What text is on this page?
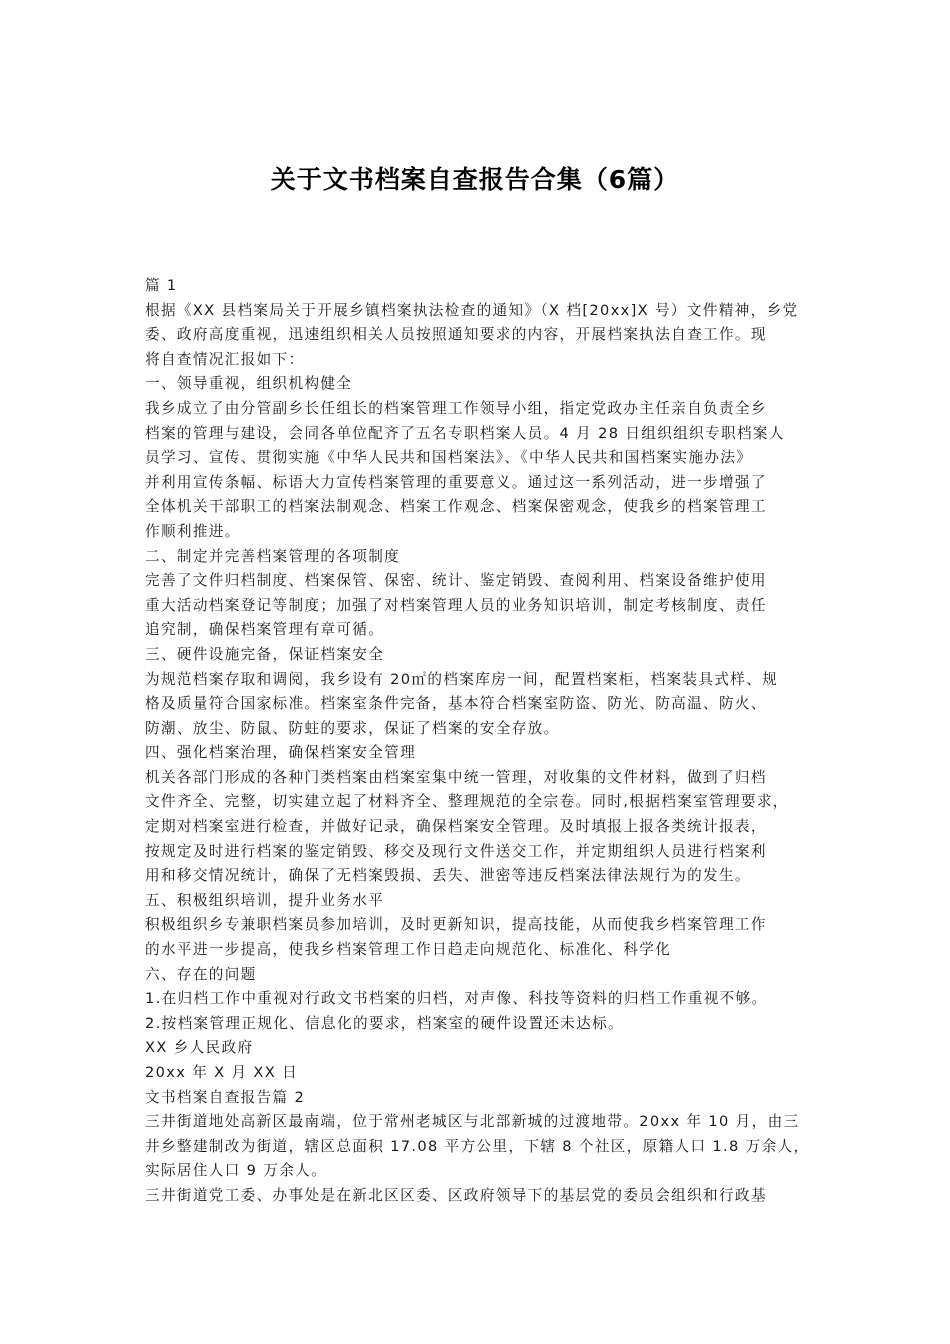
关于文书档案自查报告合集（6篇）
篇 1
根据《XX 县档案局关于开展乡镇档案执法检查的通知》（X 档[20xx]X 号）文件精神，乡党
委、政府高度重视，迅速组织相关人员按照通知要求的内容，开展档案执法自查工作。现
将自查情况汇报如下：
一、领导重视，组织机构健全
我乡成立了由分管副乡长任组长的档案管理工作领导小组，指定党政办主任亲自负责全乡
档案的管理与建设，会同各单位配齐了五名专职档案人员。4 月 28 日组织组织专职档案人
员学习、宣传、贯彻实施《中华人民共和国档案法》、《中华人民共和国档案实施办法》
并利用宣传条幅、标语大力宣传档案管理的重要意义。通过这一系列活动，进一步增强了
全体机关干部职工的档案法制观念、档案工作观念、档案保密观念，使我乡的档案管理工
作顺利推进。
二、制定并完善档案管理的各项制度
完善了文件归档制度、档案保管、保密、统计、鉴定销毁、查阅利用、档案设备维护使用
重大活动档案登记等制度；加强了对档案管理人员的业务知识培训，制定考核制度、责任
追究制，确保档案管理有章可循。
三、硬件设施完备，保证档案安全
为规范档案存取和调阅，我乡设有 20㎡的档案库房一间，配置档案柜，档案装具式样、规
格及质量符合国家标准。档案室条件完备，基本符合档案室防盗、防光、防高温、防火、
防潮、放尘、防鼠、防蛀的要求，保证了档案的安全存放。
四、强化档案治理，确保档案安全管理
机关各部门形成的各种门类档案由档案室集中统一管理，对收集的文件材料，做到了归档
文件齐全、完整，切实建立起了材料齐全、整理规范的全宗卷。同时,根据档案室管理要求，
定期对档案室进行检查，并做好记录，确保档案安全管理。及时填报上报各类统计报表，
按规定及时进行档案的鉴定销毁、移交及现行文件送交工作，并定期组织人员进行档案利
用和移交情况统计，确保了无档案毁损、丢失、泄密等违反档案法律法规行为的发生。
五、积极组织培训，提升业务水平
积极组织乡专兼职档案员参加培训，及时更新知识，提高技能，从而使我乡档案管理工作
的水平进一步提高，使我乡档案管理工作日趋走向规范化、标准化、科学化
六、存在的问题
1.在归档工作中重视对行政文书档案的归档，对声像、科技等资料的归档工作重视不够。
2.按档案管理正规化、信息化的要求，档案室的硬件设置还未达标。
XX 乡人民政府
20xx 年 X 月 XX 日
文书档案自查报告篇 2
三井街道地处高新区最南端，位于常州老城区与北部新城的过渡地带。20xx 年 10 月，由三
井乡整建制改为街道，辖区总面积 17.08 平方公里，下辖 8 个社区，原籍人口 1.8 万余人，
实际居住人口 9 万余人。
三井街道党工委、办事处是在新北区区委、区政府领导下的基层党的委员会组织和行政基
